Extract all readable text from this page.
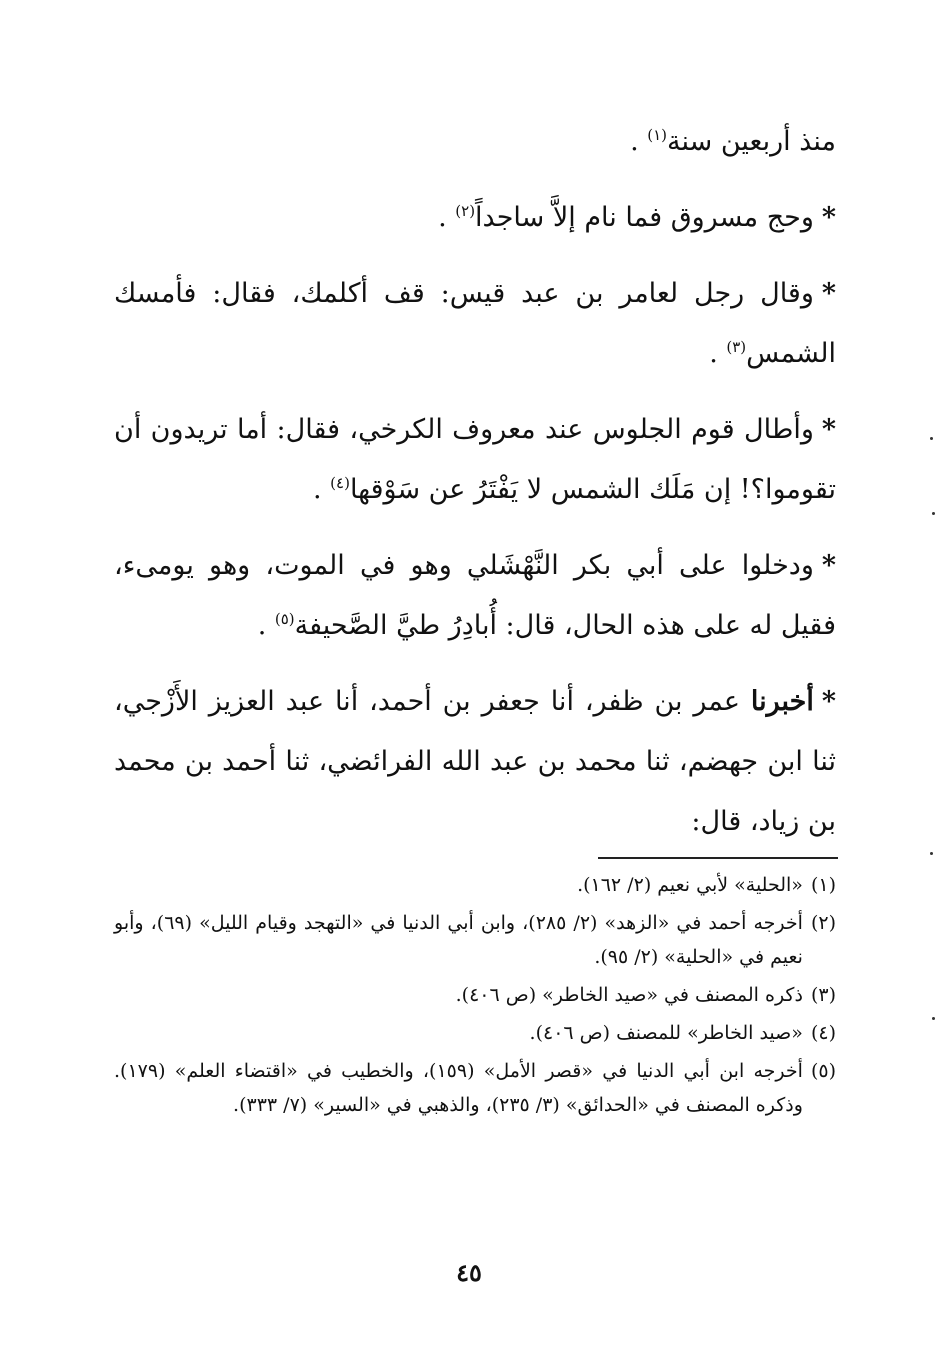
منذ أربعين سنة$^{(١)}$ .

*وحج مسروق فما نام إلاَّ ساجداً$^{(٢)}$ .

*وقال رجل لعامر بن عبد قيس: قف أكلمك، فقال: فأمسك الشمس$^{(٣)}$ .

*وأطال قوم الجلوس عند معروف الكرخي، فقال: أما تريدون أن تقوموا؟! إن مَلَك الشمس لا يَفْتَرُ عن سَوْقها$^{(٤)}$ .

*ودخلوا على أبي بكر النَّهْشَلي وهو في الموت، وهو يومىء، فقيل له على هذه الحال، قال: أُبادِرُ طيَّ الصَّحيفة$^{(٥)}$ .

*أخبرنا عمر بن ظفر، أنا جعفر بن أحمد، أنا عبد العزيز الأَزْجي، ثنا ابن جهضم، ثنا محمد بن عبد الله الفرائضي، ثنا أحمد بن محمد بن زياد، قال:

(١)
«الحلية» لأبي نعيم (٢/ ١٦٢).
(٢)
أخرجه أحمد في «الزهد» (٢/ ٢٨٥)، وابن أبي الدنيا في «التهجد وقيام الليل» (٦٩)، وأبو نعيم في «الحلية» (٢/ ٩٥).
(٣)
ذكره المصنف في «صيد الخاطر» (ص ٤٠٦).
(٤)
«صيد الخاطر» للمصنف (ص ٤٠٦).
(٥)
أخرجه ابن أبي الدنيا في «قصر الأمل» (١٥٩)، والخطيب في «اقتضاء العلم» (١٧٩). وذكره المصنف في «الحدائق» (٣/ ٢٣٥)، والذهبي في «السير» (٧/ ٣٣٣).
٤٥
